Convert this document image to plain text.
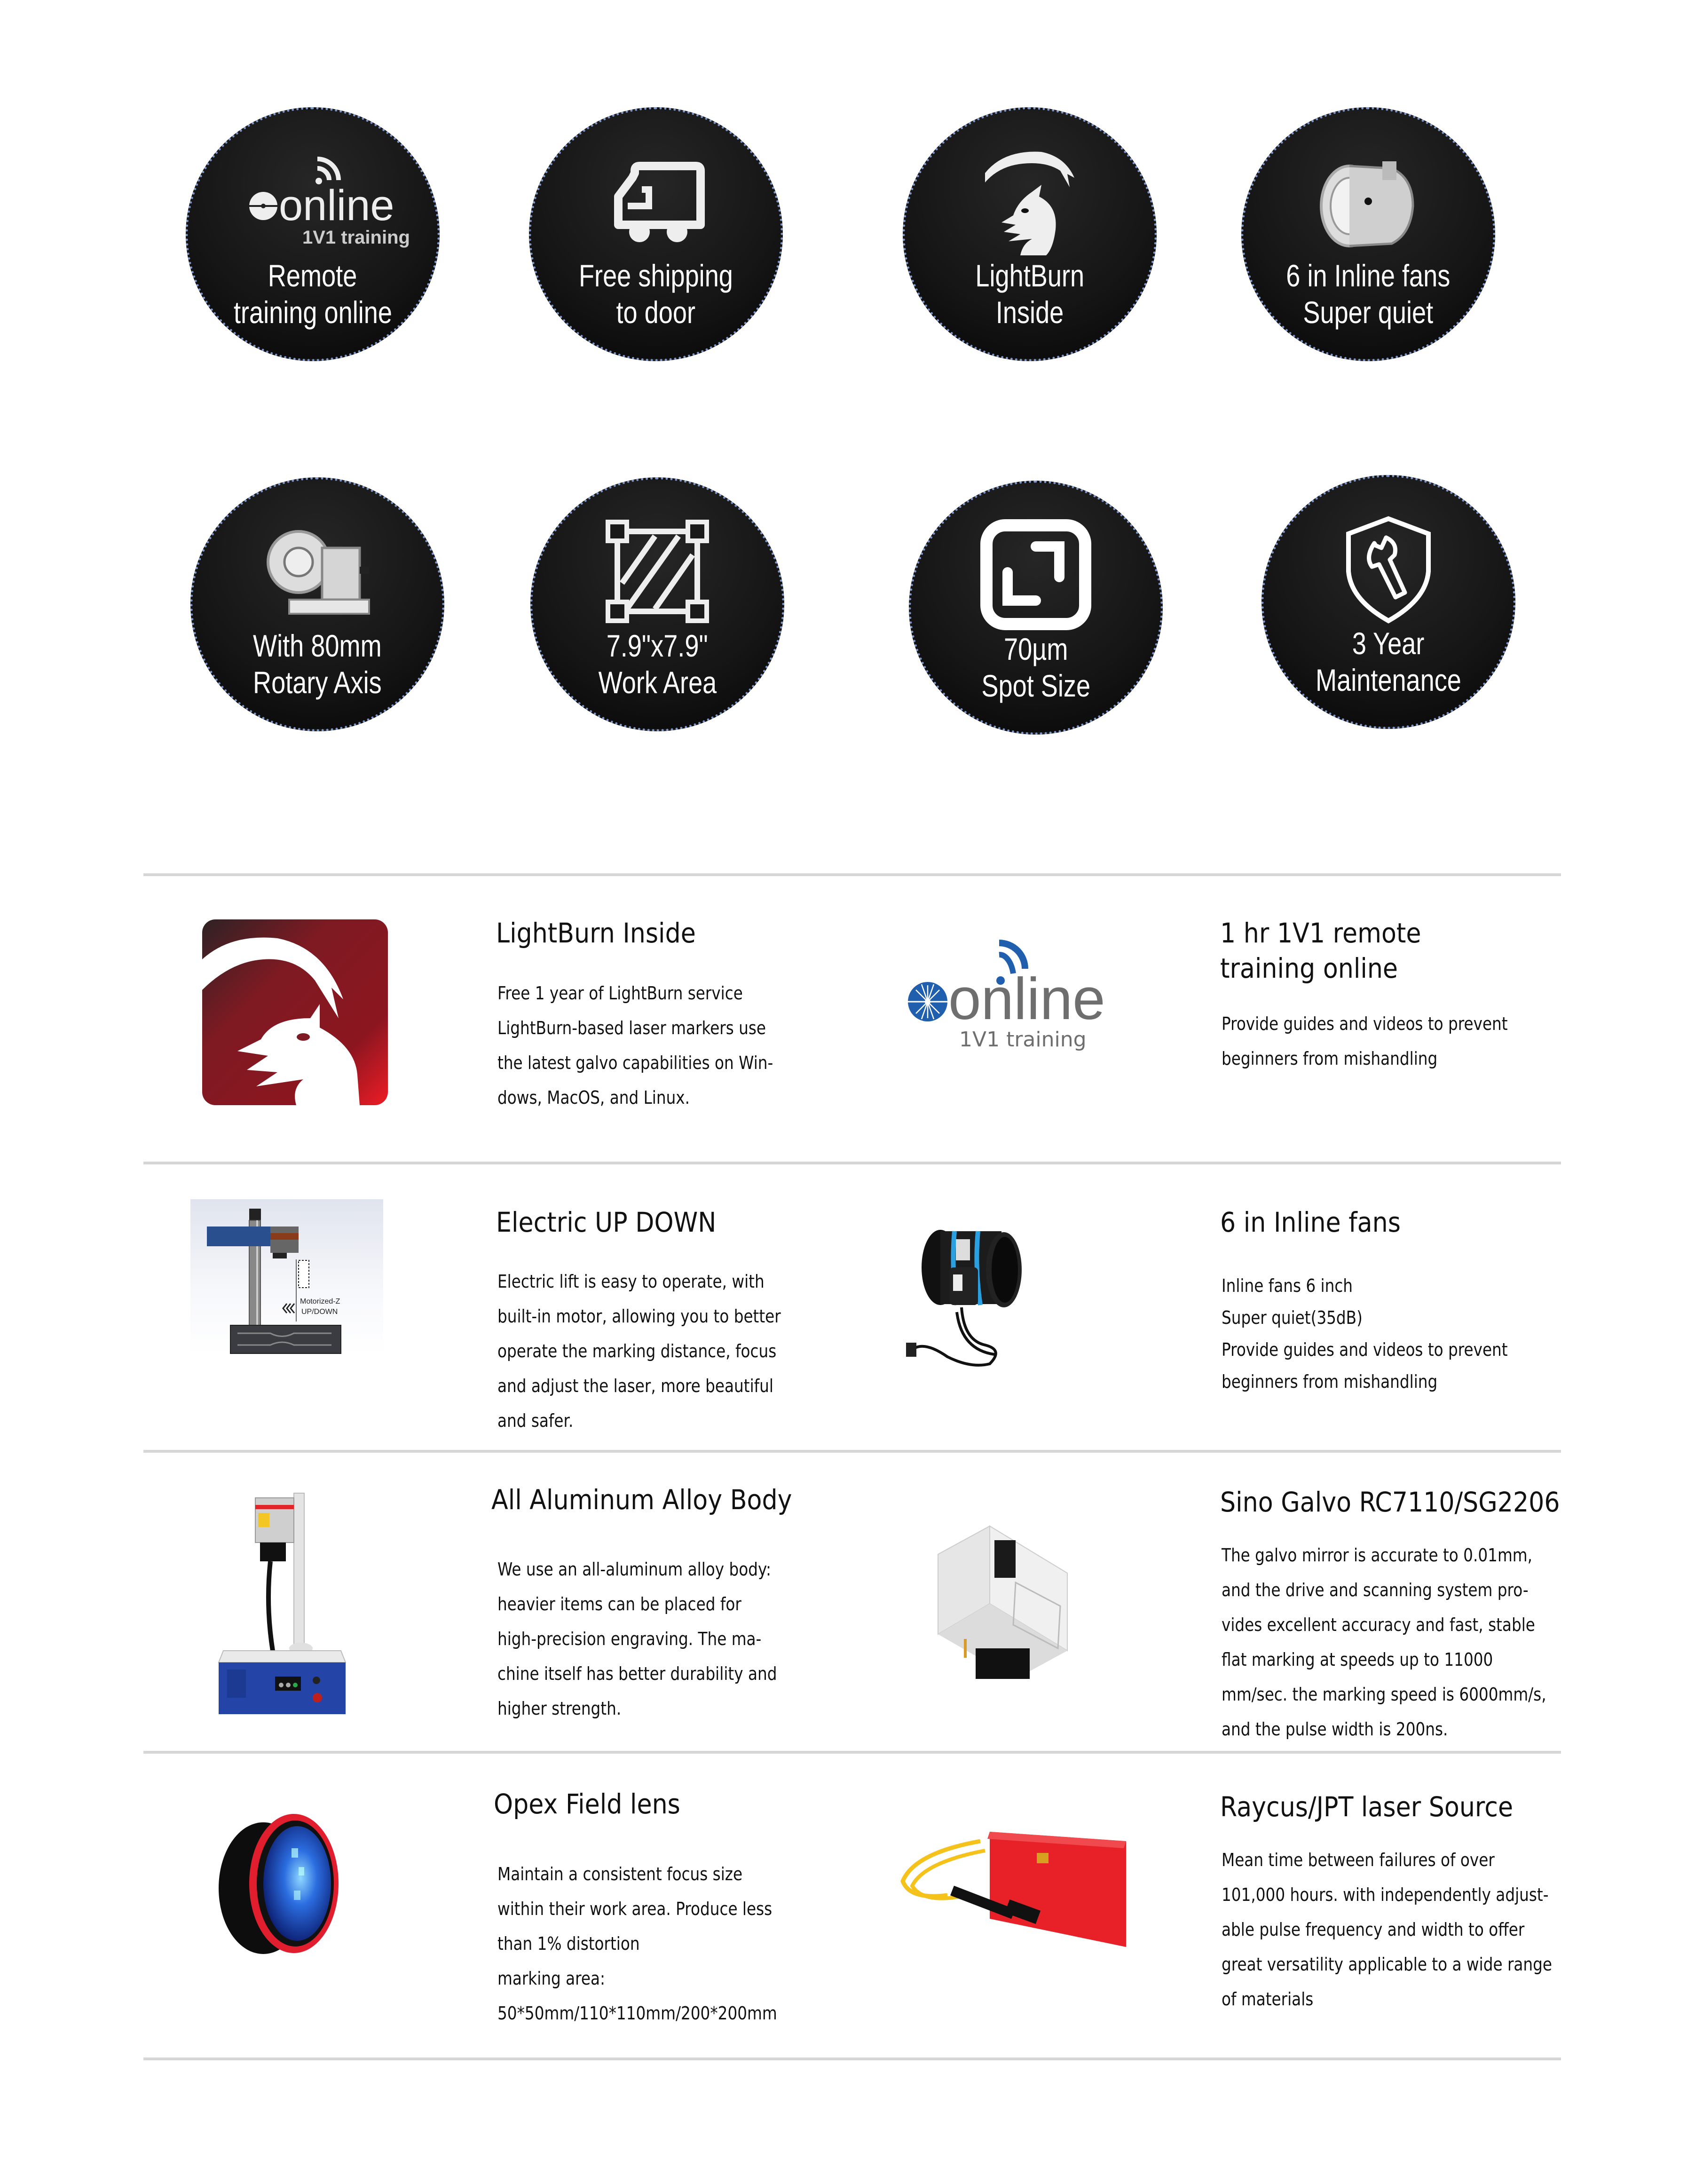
online
1V1 training
Remote
training online
Free shipping
to door
LightBurn
Inside
6 in Inline fans
Super quiet
With 80mm
Rotary Axis
7.9"x7.9"
Work Area
70µm
Spot Size
3 Year
Maintenance
LightBurn Inside
Free 1 year of LightBurn service
LightBurn-based laser markers use
the latest galvo capabilities on Win-
dows, MacOS, and Linux.
online
1V1 training
1 hr 1V1 remote
training online
Provide guides and videos to prevent
beginners from mishandling
Motorized-Z
UP/DOWN
Electric UP DOWN
Electric lift is easy to operate, with
built-in motor, allowing you to better
operate the marking distance, focus
and adjust the laser, more beautiful
and safer.
6 in Inline fans
Inline fans 6 inch
Super quiet(35dB)
Provide guides and videos to prevent
beginners from mishandling
All Aluminum Alloy Body
We use an all-aluminum alloy body:
heavier items can be placed for
high-precision engraving. The ma-
chine itself has better durability and
higher strength.
Sino Galvo RC7110/SG2206
The galvo mirror is accurate to 0.01mm,
and the drive and scanning system pro-
vides excellent accuracy and fast, stable
flat marking at speeds up to 11000
mm/sec. the marking speed is 6000mm/s,
and the pulse width is 200ns.
Opex Field lens
Maintain a consistent focus size
within their work area. Produce less
than 1% distortion
marking area:
50*50mm/110*110mm/200*200mm
Raycus/JPT laser Source
Mean time between failures of over
101,000 hours. with independently adjust-
able pulse frequency and width to offer
great versatility applicable to a wide range
of materials
